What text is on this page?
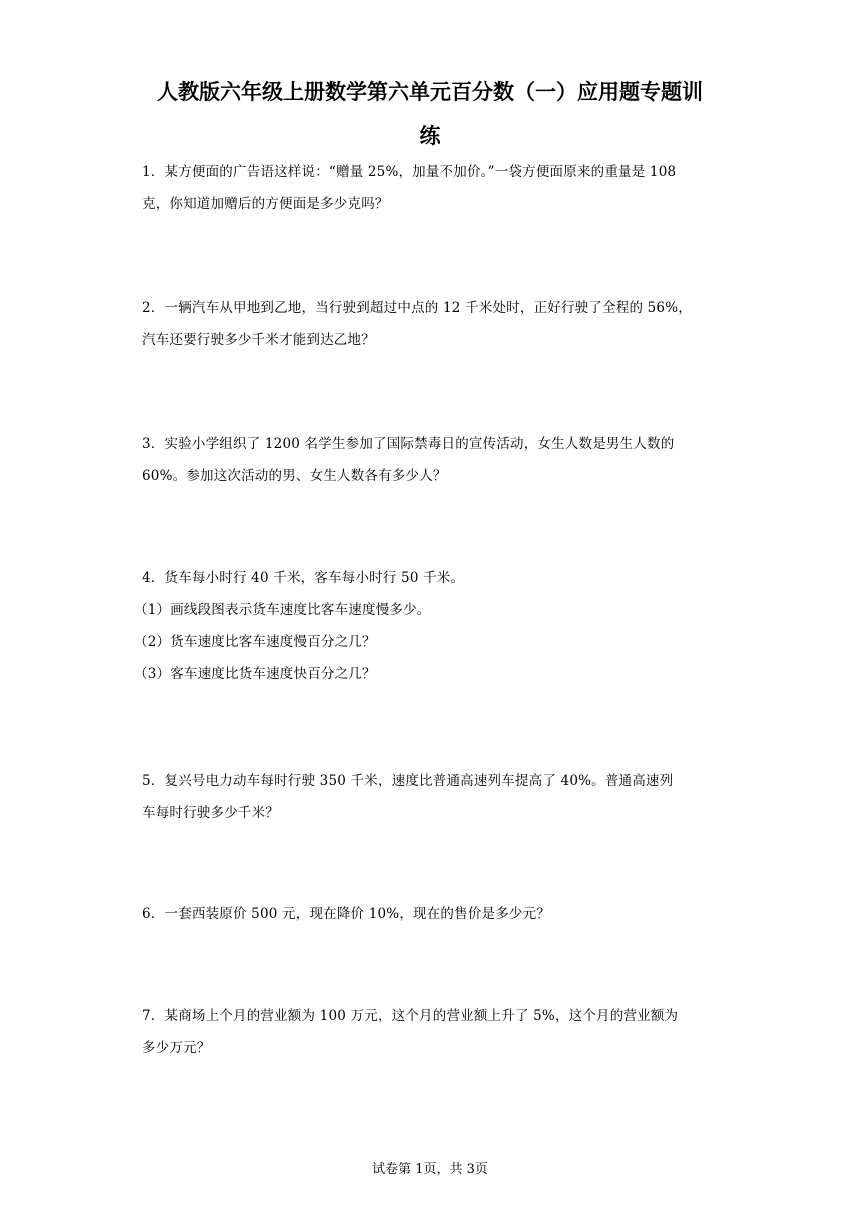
人教版六年级上册数学第六单元百分数（一）应用题专题训
练
1．某方便面的广告语这样说：“赠量 25%，加量不加价。”一袋方便面原来的重量是 108
克，你知道加赠后的方便面是多少克吗？
2．一辆汽车从甲地到乙地，当行驶到超过中点的 12 千米处时，正好行驶了全程的 56%，
汽车还要行驶多少千米才能到达乙地？
3．实验小学组织了 1200 名学生参加了国际禁毒日的宣传活动，女生人数是男生人数的
60%。参加这次活动的男、女生人数各有多少人？
4．货车每小时行 40 千米，客车每小时行 50 千米。
（1）画线段图表示货车速度比客车速度慢多少。
（2）货车速度比客车速度慢百分之几？
（3）客车速度比货车速度快百分之几？
5．复兴号电力动车每时行驶 350 千米，速度比普通高速列车提高了 40%。普通高速列
车每时行驶多少千米？
6．一套西装原价 500 元，现在降价 10%，现在的售价是多少元？
7．某商场上个月的营业额为 100 万元，这个月的营业额上升了 5%，这个月的营业额为
多少万元？
试卷第 1页，共 3页
